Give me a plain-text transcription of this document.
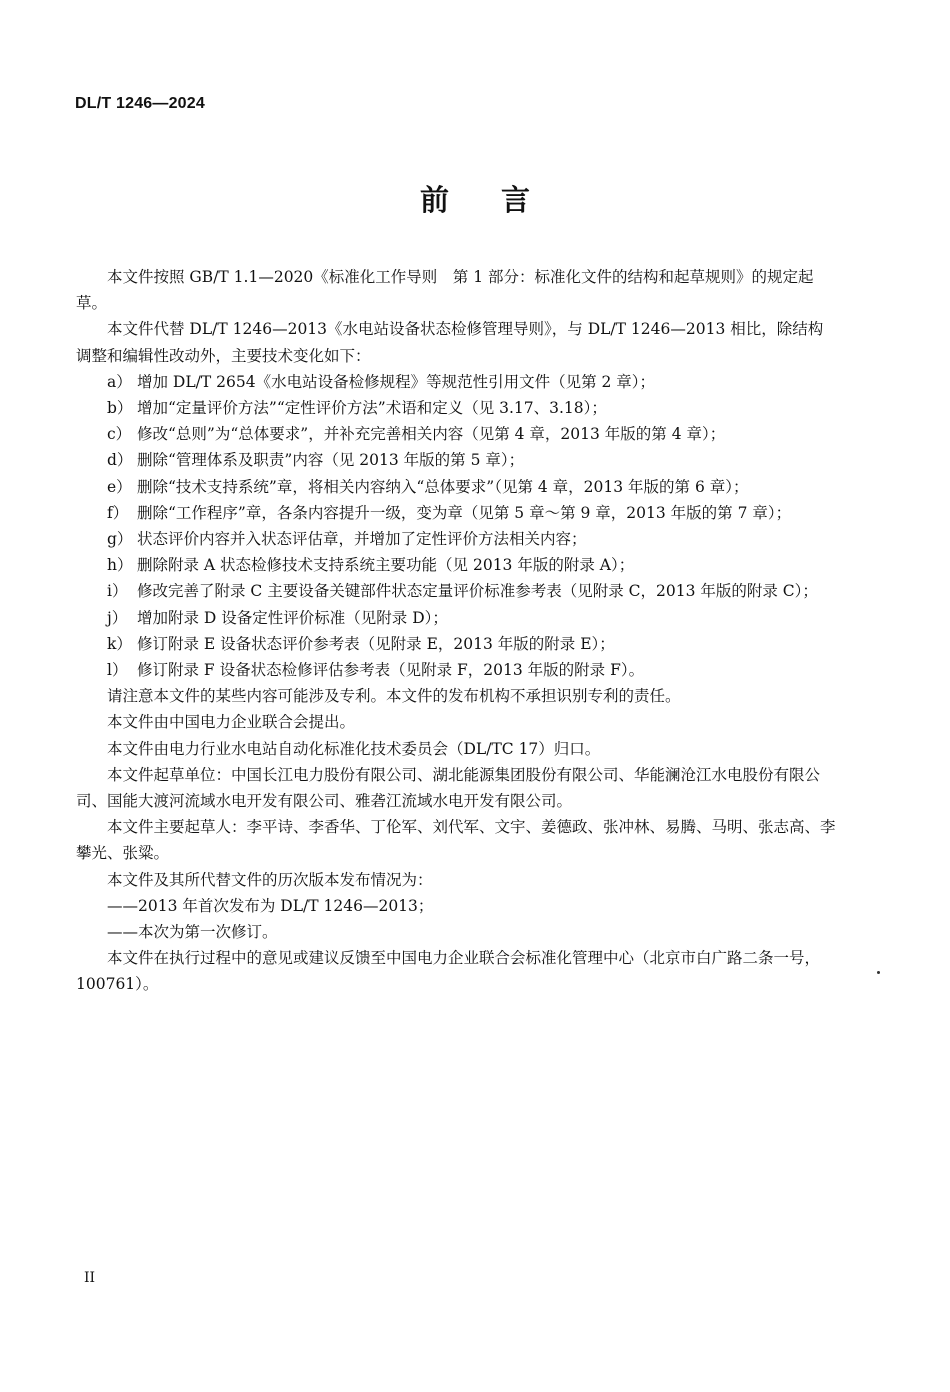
DL/T 1246—2024
前言

本文件按照 GB/T 1.1—2020《标准化工作导则　第 1 部分：标准化文件的结构和起草规则》的规定起草。

本文件代替 DL/T 1246—2013《水电站设备状态检修管理导则》，与 DL/T 1246—2013 相比，除结构调整和编辑性改动外，主要技术变化如下：

a） 增加 DL/T 2654《水电站设备检修规程》等规范性引用文件（见第 2 章）；

b） 增加“定量评价方法”“定性评价方法”术语和定义（见 3.17、3.18）；

c） 修改“总则”为“总体要求”，并补充完善相关内容（见第 4 章，2013 年版的第 4 章）；

d） 删除“管理体系及职责”内容（见 2013 年版的第 5 章）；

e） 删除“技术支持系统”章，将相关内容纳入“总体要求”（见第 4 章，2013 年版的第 6 章）；

f） 删除“工作程序”章，各条内容提升一级，变为章（见第 5 章～第 9 章，2013 年版的第 7 章）；

g） 状态评价内容并入状态评估章，并增加了定性评价方法相关内容；

h） 删除附录 A 状态检修技术支持系统主要功能（见 2013 年版的附录 A）；

i） 修改完善了附录 C 主要设备关键部件状态定量评价标准参考表（见附录 C，2013 年版的附录 C）；

j） 增加附录 D 设备定性评价标准（见附录 D）；

k） 修订附录 E 设备状态评价参考表（见附录 E，2013 年版的附录 E）；

l） 修订附录 F 设备状态检修评估参考表（见附录 F，2013 年版的附录 F）。

请注意本文件的某些内容可能涉及专利。本文件的发布机构不承担识别专利的责任。

本文件由中国电力企业联合会提出。

本文件由电力行业水电站自动化标准化技术委员会（DL/TC 17）归口。

本文件起草单位：中国长江电力股份有限公司、湖北能源集团股份有限公司、华能澜沧江水电股份有限公司、国能大渡河流域水电开发有限公司、雅砻江流域水电开发有限公司。

本文件主要起草人：李平诗、李香华、丁伦军、刘代军、文宇、姜德政、张冲林、易腾、马明、张志高、李攀光、张粱。

本文件及其所代替文件的历次版本发布情况为：

——2013 年首次发布为 DL/T 1246—2013；

——本次为第一次修订。

本文件在执行过程中的意见或建议反馈至中国电力企业联合会标准化管理中心（北京市白广路二条一号，100761）。

II
